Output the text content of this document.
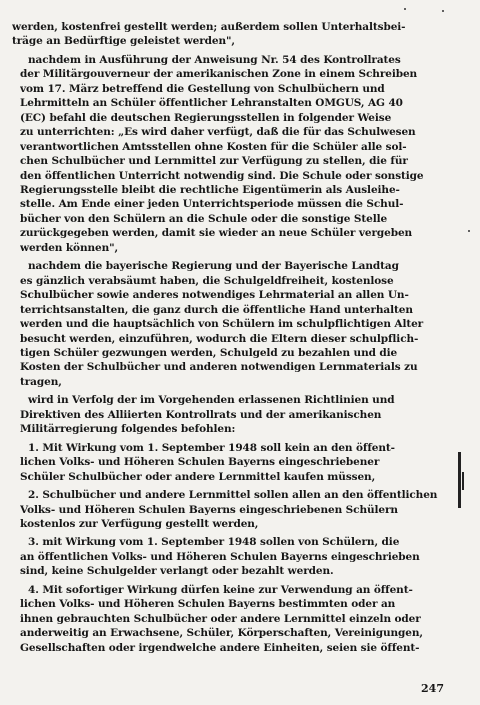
werden, kostenfrei gestellt werden; außerdem sollen Unterhaltsbei-
träge an Bedürftige geleistet werden",
nachdem in Ausführung der Anweisung Nr. 54 des Kontrollrates
der Militärgouverneur der amerikanischen Zone in einem Schreiben
vom 17. März betreffend die Gestellung von Schulbüchern und
Lehrmitteln an Schüler öffentlicher Lehranstalten OMGUS, AG 40
(EC) befahl die deutschen Regierungsstellen in folgender Weise
zu unterrichten: „Es wird daher verfügt, daß die für das Schulwesen
verantwortlichen Amtsstellen ohne Kosten für die Schüler alle sol-
chen Schulbücher und Lernmittel zur Verfügung zu stellen, die für
den öffentlichen Unterricht notwendig sind. Die Schule oder sonstige
Regierungsstelle bleibt die rechtliche Eigentümerin als Ausleihe-
stelle. Am Ende einer jeden Unterrichtsperiode müssen die Schul-
bücher von den Schülern an die Schule oder die sonstige Stelle
zurückgegeben werden, damit sie wieder an neue Schüler vergeben
werden können",
nachdem die bayerische Regierung und der Bayerische Landtag
es gänzlich verabsäumt haben, die Schulgeldfreiheit, kostenlose
Schulbücher sowie anderes notwendiges Lehrmaterial an allen Un-
terrichtsanstalten, die ganz durch die öffentliche Hand unterhalten
werden und die hauptsächlich von Schülern im schulpflichtigen Alter
besucht werden, einzuführen, wodurch die Eltern dieser schulpflich-
tigen Schüler gezwungen werden, Schulgeld zu bezahlen und die
Kosten der Schulbücher und anderen notwendigen Lernmaterials zu
tragen,
wird in Verfolg der im Vorgehenden erlassenen Richtlinien und
Direktiven des Alliierten Kontrollrats und der amerikanischen
Militärregierung folgendes befohlen:
1. Mit Wirkung vom 1. September 1948 soll kein an den öffent-
lichen Volks- und Höheren Schulen Bayerns eingeschriebener
Schüler Schulbücher oder andere Lernmittel kaufen müssen,
2. Schulbücher und andere Lernmittel sollen allen an den öffentlichen
Volks- und Höheren Schulen Bayerns eingeschriebenen Schülern
kostenlos zur Verfügung gestellt werden,
3. mit Wirkung vom 1. September 1948 sollen von Schülern, die
an öffentlichen Volks- und Höheren Schulen Bayerns eingeschrieben
sind, keine Schulgelder verlangt oder bezahlt werden.
4. Mit sofortiger Wirkung dürfen keine zur Verwendung an öffent-
lichen Volks- und Höheren Schulen Bayerns bestimmten oder an
ihnen gebrauchten Schulbücher oder andere Lernmittel einzeln oder
anderweitig an Erwachsene, Schüler, Körperschaften, Vereinigungen,
Gesellschaften oder irgendwelche andere Einheiten, seien sie öffent-
247
